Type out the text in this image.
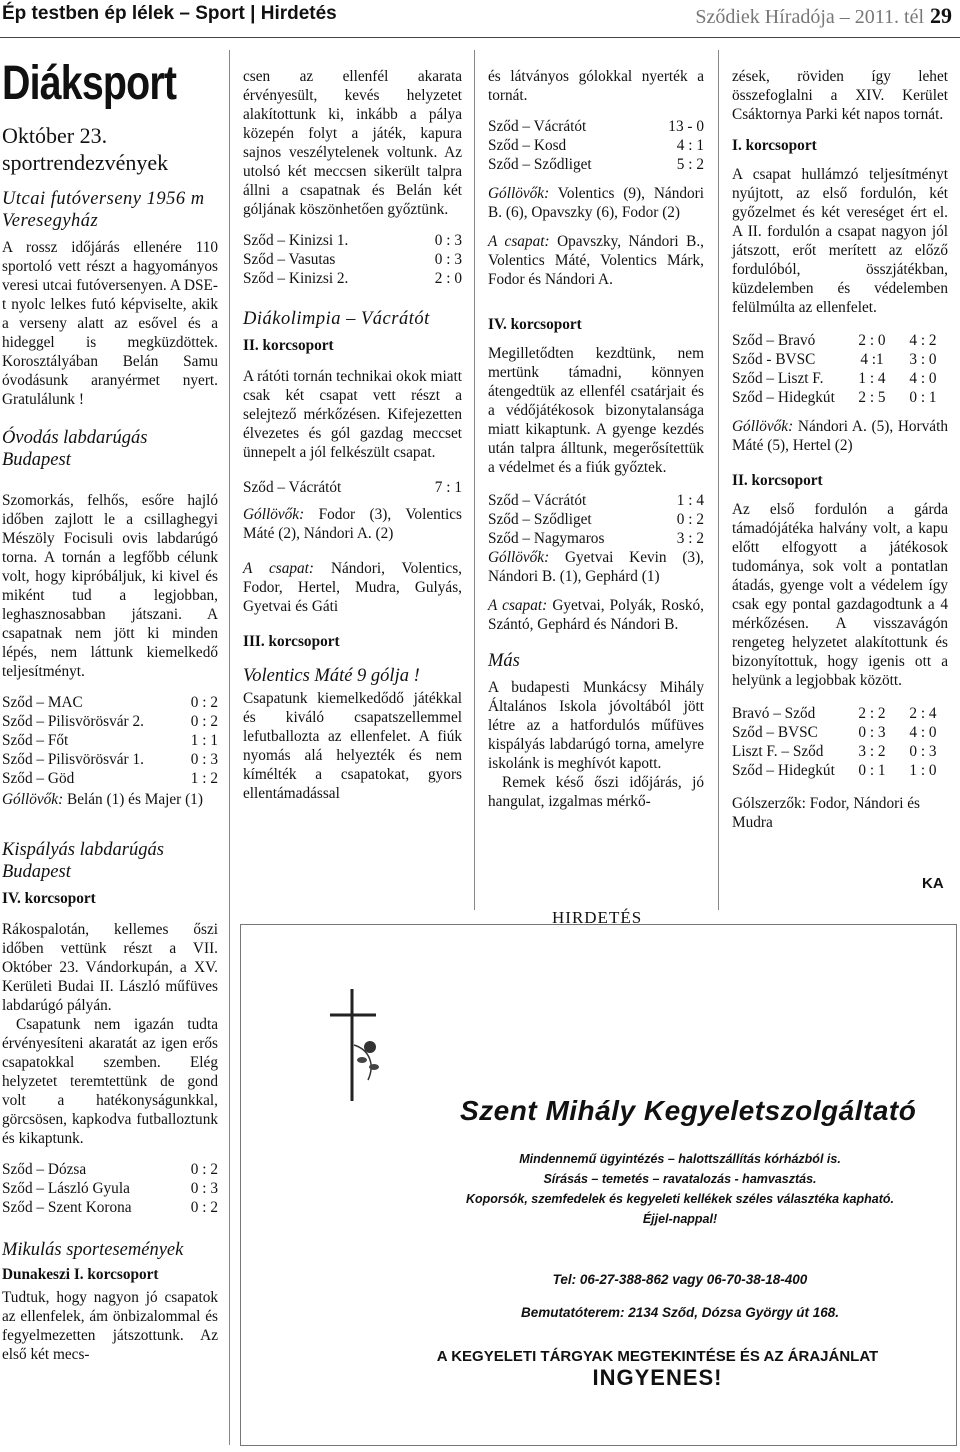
Ép testben ép lélek – Sport | Hirdetés	Sződiek Híradója – 2011. tél 29
Diáksport
Október 23.
sportrendezvények
Utcai futóverseny 1956 m Veresegyház

A rossz időjárás ellenére 110 sportoló vett részt a hagyományos veresi utcai futóversenyen. A DSE-t nyolc lelkes futó képviselte, akik a verseny alatt az esővel és a hideggel is megküzdöttek. Korosztályában Belán Samu óvodásunk aranyérmet nyert. Gratulálunk !

Óvodás labdarúgás Budapest

Szomorkás, felhős, esőre hajló időben zajlott le a csillaghegyi Mészöly Focisuli ovis labdarúgó torna. A tornán a legfőbb célunk volt, hogy kipróbáljuk, ki kivel és miként tud a legjobban, leghasznosabban játszani. A csapatnak nem jött ki minden lépés, nem láttunk kiemelkedő teljesítményt.

Sződ – MAC	0 : 2
Sződ – Pilisvörösvár 2.	0 : 2
Sződ – Főt	1 : 1
Sződ – Pilisvörösvár 1.	0 : 3
Sződ – Göd	1 : 2

Góllövők: Belán (1) és Majer (1)

Kispályás labdarúgás Budapest
IV. korcsoport

Rákospalotán, kellemes őszi időben vettünk részt a VII. Október 23. Vándorkupán, a XV. Kerületi Budai II. László műfüves labdarúgó pályán.

Csapatunk nem igazán tudta érvényesíteni akaratát az igen erős csapatokkal szemben. Elég helyzetet teremtettünk de gond volt a hatékonyságunkkal, görcsösen, kapkodva futballoztunk és kikaptunk.

Sződ – Dózsa	0 : 2
Sződ – László Gyula	0 : 3
Sződ – Szent Korona	0 : 2
Mikulás sportesemények
Dunakeszi I. korcsoport

Tudtuk, hogy nagyon jó csapatok az ellenfelek, ám önbizalommal és fegyelmezetten játszottunk. Az első két mecs-

csen az ellenfél akarata érvényesült, kevés helyzetet alakítottunk ki, inkább a pálya közepén folyt a játék, kapura sajnos veszélytelenek voltunk. Az utolsó két meccsen sikerült talpra állni a csapatnak és Belán két góljának köszönhetően győztünk.

Sződ – Kinizsi 1.	0 : 3
Sződ – Vasutas	0 : 3
Sződ – Kinizsi 2.	2 : 0
Diákolimpia – Vácrátót
II. korcsoport

A rátóti tornán technikai okok miatt csak két csapat vett részt a selejtező mérkőzésen. Kifejezetten élvezetes és gól gazdag meccset ünnepelt a jól felkészült csapat.

Sződ – Vácrátót	7 : 1

Góllövők: Fodor (3), Volentics Máté (2), Nándori A. (2)

A csapat: Nándori, Volentics, Fodor, Hertel, Mudra, Gulyás, Gyetvai és Gáti

III. korcsoport
Volentics Máté 9 gólja !

Csapatunk kiemelkedődő játékkal és kiváló csapatszellemmel lefutballozta az ellenfelet. A fiúk nyomás alá helyezték és nem kímélték a csapatokat, gyors ellentámadással

és látványos gólokkal nyerték a tornát.

Sződ – Vácrátót	13 - 0
Sződ – Kosd	4 : 1
Sződ – Sződliget	5 : 2

Góllövők: Volentics (9), Nándori B. (6), Opavszky (6), Fodor (2)

A csapat: Opavszky, Nándori B., Volentics Máté, Volentics Márk, Fodor és Nándori A.

IV. korcsoport

Megilletődten kezdtünk, nem mertünk támadni, könnyen átengedtük az ellenfél csatárjait és a védőjátékosok bizonytalansága miatt kikaptunk. A gyenge kezdés után talpra álltunk, megerősítettük a védelmet és a fiúk győztek.

Sződ – Vácrátót	1 : 4
Sződ – Sződliget	0 : 2
Sződ – Nagymaros	3 : 2

Góllövők: Gyetvai Kevin (3), Nándori B. (1), Gephárd (1)

A csapat: Gyetvai, Polyák, Roskó, Szántó, Gephárd és Nándori B.

Más

A budapesti Munkácsy Mihály Általános Iskola jóvoltából jött létre az a hatfordulós műfüves kispályás labdarúgó torna, amelyre iskolánk is meghívót kapott.

Remek késő őszi időjárás, jó hangulat, izgalmas mérkő-

zések, röviden így lehet összefoglalni a XIV. Kerület Csáktornya Parki két napos tornát.

I. korcsoport

A csapat hullámzó teljesítményt nyújtott, az első fordulón, két győzelmet és két vereséget ért el. A II. fordulón a csapat nagyon jól játszott, erőt merített az előző fordulóból, összjátékban, küzdelemben és védelemben felülmúlta az ellenfelet.

Sződ – Bravó	2 : 0	4 : 2
Sződ - BVSC	4 :1	3 : 0
Sződ – Liszt F.	1 : 4	4 : 0
Sződ – Hidegkút	2 : 5	0 : 1

Góllövők: Nándori A. (5), Horváth Máté (5), Hertel (2)

II. korcsoport

Az első fordulón a gárda támadójátéka halvány volt, a kapu előtt elfogyott a játékosok tudománya, sok volt a pontatlan átadás, gyenge volt a védelem így csak egy pontal gazdagodtunk a 4 mérkőzésen. A visszavágón rengeteg helyzetet alakítottunk és bizonyítottuk, hogy igenis ott a helyünk a legjobbak között.

Bravó – Sződ	2 : 2	2 : 4
Sződ – BVSC	0 : 3	4 : 0
Liszt F. – Sződ	3 : 2	0 : 3
Sződ – Hidegkút	0 : 1	1 : 0

Gólszerzők: Fodor, Nándori és Mudra

KA
HIRDETÉS
Szent Mihály Kegyeletszolgáltató
Mindennemű ügyintézés – halottszállítás kórházból is.
Sírásás – temetés – ravatalozás - hamvasztás.
Koporsók, szemfedelek és kegyeleti kellékek széles választéka kapható.
Éjjel-nappal!
Tel: 06-27-388-862 vagy 06-70-38-18-400
Bemutatóterem: 2134 Sződ, Dózsa György út 168.
A KEGYELETI TÁRGYAK MEGTEKINTÉSE ÉS AZ ÁRAJÁNLAT INGYENES!
